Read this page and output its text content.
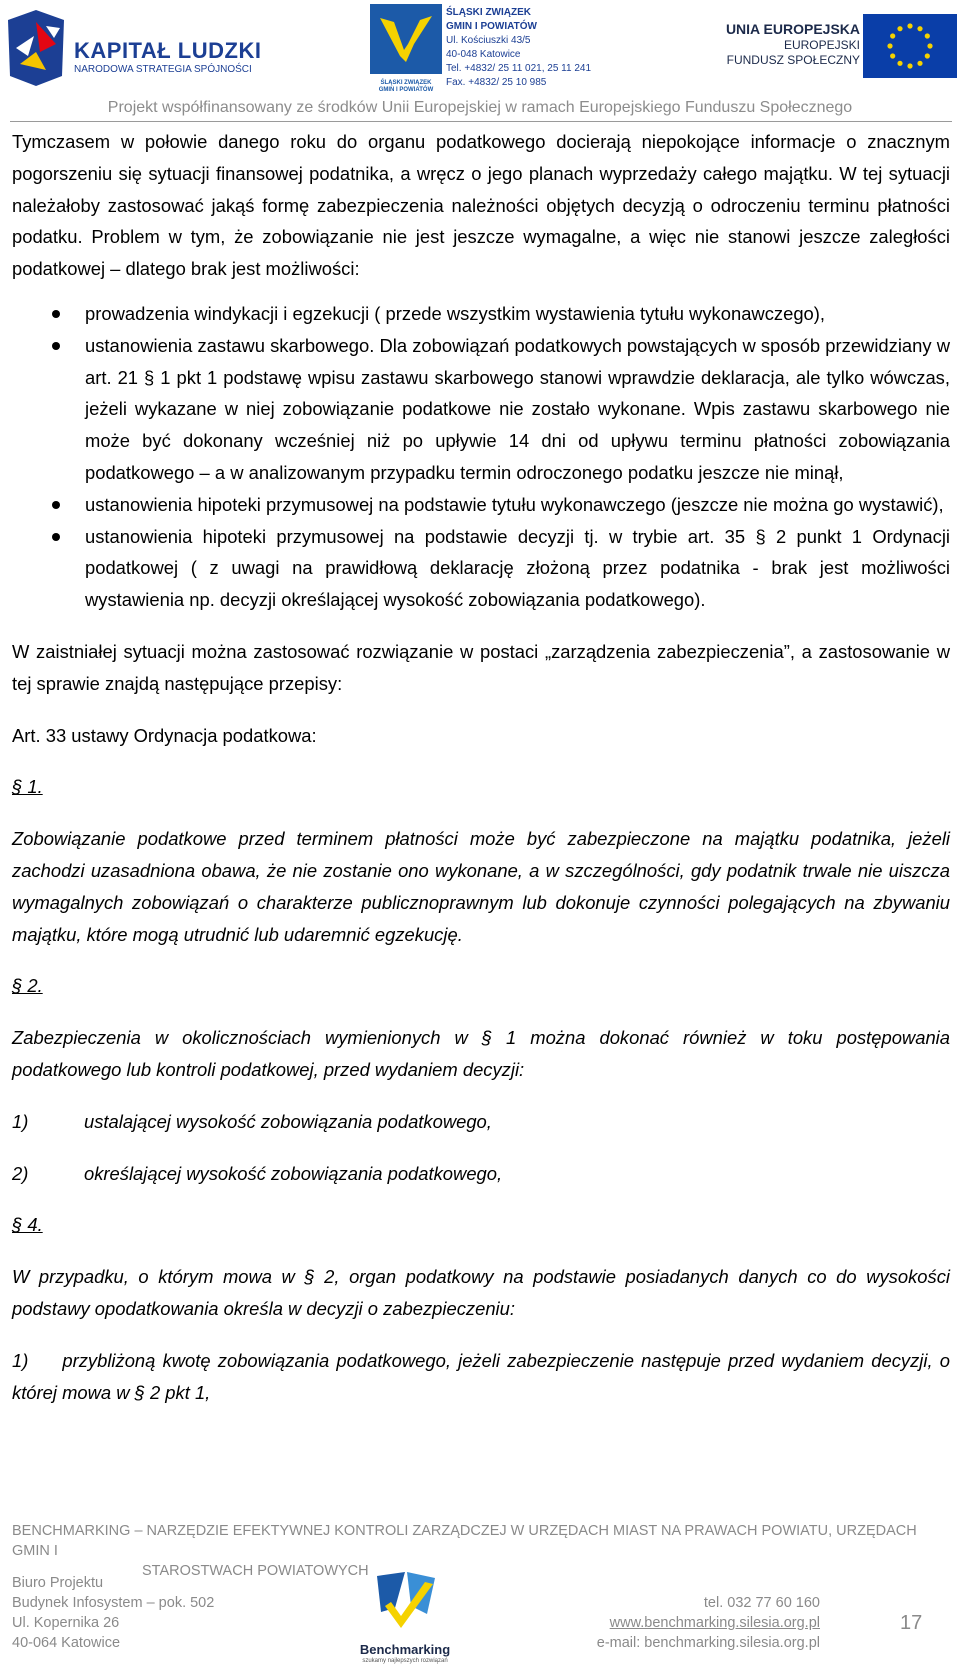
KAPITAŁ LUDZKI
NARODOWA STRATEGIA SPÓJNOŚCI
ŚLĄSKI ZWIĄZEK
GMIN I POWIATÓW
ŚLĄSKI ZWIĄZEK
GMIN I POWIATÓW
Ul. Kościuszki 43/5
40-048 Katowice
Tel. +4832/ 25 11 021, 25 11 241
Fax. +4832/ 25 10 985
UNIA EUROPEJSKA
EUROPEJSKI
FUNDUSZ SPOŁECZNY
Projekt współfinansowany ze środków Unii Europejskiej w ramach Europejskiego Funduszu Społecznego

Tymczasem w połowie danego roku do organu podatkowego docierają niepokojące informacje o znacznym pogorszeniu się sytuacji finansowej podatnika, a wręcz o jego planach wyprzedaży całego majątku. W tej sytuacji należałoby zastosować jakąś formę zabezpieczenia należności objętych decyzją o odroczeniu terminu płatności podatku. Problem w tym, że zobowiązanie nie jest jeszcze wymagalne, a więc nie stanowi jeszcze zaległości podatkowej – dlatego brak jest możliwości:

prowadzenia windykacji i egzekucji ( przede wszystkim wystawienia tytułu wykonawczego),
ustanowienia zastawu skarbowego. Dla zobowiązań podatkowych powstających w sposób przewidziany w art. 21 § 1 pkt 1 podstawę wpisu zastawu skarbowego stanowi wprawdzie deklaracja, ale tylko wówczas, jeżeli wykazane w niej zobowiązanie podatkowe nie zostało wykonane. Wpis zastawu skarbowego nie może być dokonany wcześniej niż po upływie 14 dni od upływu terminu płatności zobowiązania podatkowego – a w analizowanym przypadku termin odroczonego podatku jeszcze nie minął,
ustanowienia hipoteki przymusowej na podstawie tytułu wykonawczego (jeszcze nie można go wystawić),
ustanowienia hipoteki przymusowej na podstawie decyzji tj. w trybie art. 35 § 2 punkt 1 Ordynacji podatkowej ( z uwagi na prawidłową deklarację złożoną przez podatnika - brak jest możliwości wystawienia np. decyzji określającej wysokość zobowiązania podatkowego).

W zaistniałej sytuacji można zastosować rozwiązanie w postaci „zarządzenia zabezpieczenia”, a zastosowanie w tej sprawie znajdą następujące przepisy:

Art. 33 ustawy Ordynacja podatkowa:

§ 1.

Zobowiązanie podatkowe przed terminem płatności może być zabezpieczone na majątku podatnika, jeżeli zachodzi uzasadniona obawa, że nie zostanie ono wykonane, a w szczególności, gdy podatnik trwale nie uiszcza wymagalnych zobowiązań o charakterze publicznoprawnym lub dokonuje czynności polegających na zbywaniu majątku, które mogą utrudnić lub udaremnić egzekucję.

§ 2.

Zabezpieczenia w okolicznościach wymienionych w § 1 można dokonać również w toku postępowania podatkowego lub kontroli podatkowej, przed wydaniem decyzji:

1)	ustalającej wysokość zobowiązania podatkowego,

2)	określającej wysokość zobowiązania podatkowego,

§ 4.

W przypadku, o którym mowa w § 2, organ podatkowy na podstawie posiadanych danych co do wysokości podstawy opodatkowania określa w decyzji o zabezpieczeniu:

1) przybliżoną kwotę zobowiązania podatkowego, jeżeli zabezpieczenie następuje przed wydaniem decyzji, o której mowa w § 2 pkt 1,

BENCHMARKING – NARZĘDZIE EFEKTYWNEJ KONTROLI ZARZĄDCZEJ W URZĘDACH MIAST NA PRAWACH POWIATU, URZĘDACH GMIN I
STAROSTWACH POWIATOWYCH
Biuro Projektu
Budynek Infosystem – pok. 502
Ul. Kopernika 26
40-064 Katowice	Benchmarking
szukamy najlepszych rozwiązań
tel. 032 77 60 160
www.benchmarking.silesia.org.pl
e-mail: benchmarking.silesia.org.pl
17
